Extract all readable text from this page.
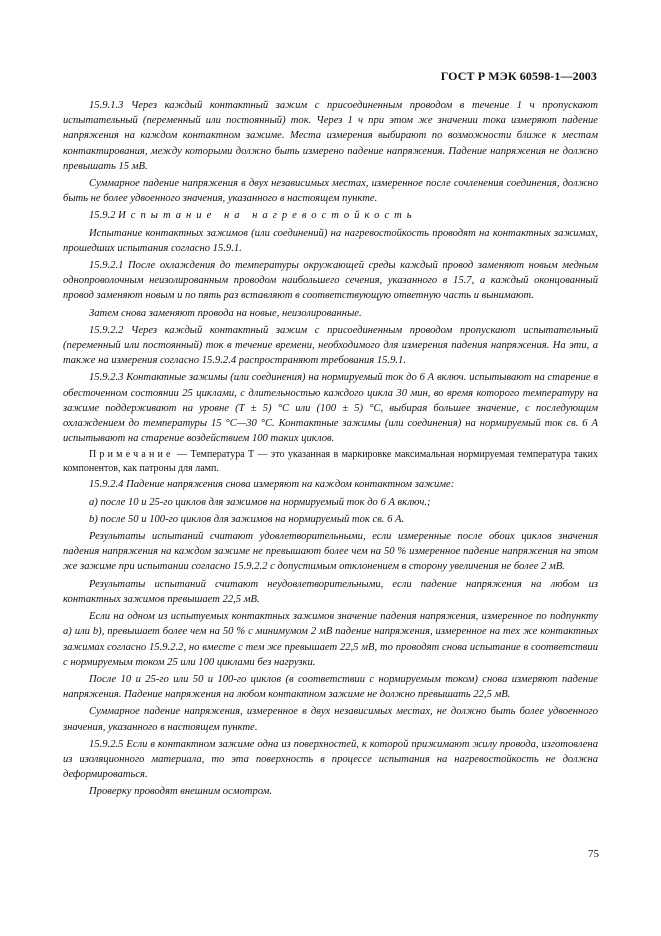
ГОСТ Р МЭК 60598-1—2003

15.9.1.3 Через каждый контактный зажим с присоединенным проводом в течение 1 ч пропускают испытательный (переменный или постоянный) ток. Через 1 ч при этом же значении тока измеряют падение напряжения на каждом контактном зажиме. Места измерения выбирают по возможности ближе к местам контактирования, между которыми должно быть измерено падение напряжения. Падение напряжения не должно превышать 15 мВ.

Суммарное падение напряжения в двух независимых местах, измеренное после сочленения соединения, должно быть не более удвоенного значения, указанного в настоящем пункте.

15.9.2 Испытание на нагревостойкость

Испытание контактных зажимов (или соединений) на нагревостойкость проводят на контактных зажимах, прошедших испытания согласно 15.9.1.

15.9.2.1 После охлаждения до температуры окружающей среды каждый провод заменяют новым медным однопроволочным неизолированным проводом наибольшего сечения, указанного в 15.7, а каждый оконцованный провод заменяют новым и по пять раз вставляют в соответствующую ответную часть и вынимают.

Затем снова заменяют провода на новые, неизолированные.

15.9.2.2 Через каждый контактный зажим с присоединенным проводом пропускают испытательный (переменный или постоянный) ток в течение времени, необходимого для измерения падения напряжения. На эти, а также на измерения согласно 15.9.2.4 распространяют требования 15.9.1.

15.9.2.3 Контактные зажимы (или соединения) на нормируемый ток до 6 А включ. испытывают на старение в обесточенном состоянии 25 циклами, с длительностью каждого цикла 30 мин, во время которого температуру на зажиме поддерживают на уровне (Т ± 5) °С или (100 ± 5) °С, выбирая большее значение, с последующим охлаждением до температуры 15 °С—30 °С. Контактные зажимы (или соединения) на нормируемый ток св. 6 А испытывают на старение воздействием 100 таких циклов.

Примечание — Температура Т — это указанная в маркировке максимальная нормируемая температура таких компонентов, как патроны для ламп.

15.9.2.4 Падение напряжения снова измеряют на каждом контактном зажиме:

a) после 10 и 25-го циклов для зажимов на нормируемый ток до 6 А включ.;

b) после 50 и 100-го циклов для зажимов на нормируемый ток св. 6 А.

Результаты испытаний считают удовлетворительными, если измеренные после обоих циклов значения падения напряжения на каждом зажиме не превышают более чем на 50 % измеренное падение напряжения на этом же зажиме при испытании согласно 15.9.2.2 с допустимым отклонением в сторону увеличения не более 2 мВ.

Результаты испытаний считают неудовлетворительными, если падение напряжения на любом из контактных зажимов превышает 22,5 мВ.

Если на одном из испытуемых контактных зажимов значение падения напряжения, измеренное по подпункту а) или b), превышает более чем на 50 % с минимумом 2 мВ падение напряжения, измеренное на тех же контактных зажимах согласно 15.9.2.2, но вместе с тем же превышает 22,5 мВ, то проводят снова испытание в соответствии с нормируемым током 25 или 100 циклами без нагрузки.

После 10 и 25-го или 50 и 100-го циклов (в соответствии с нормируемым током) снова измеряют падение напряжения. Падение напряжения на любом контактном зажиме не должно превышать 22,5 мВ.

Суммарное падение напряжения, измеренное в двух независимых местах, не должно быть более удвоенного значения, указанного в настоящем пункте.

15.9.2.5 Если в контактном зажиме одна из поверхностей, к которой прижимают жилу провода, изготовлена из изоляционного материала, то эта поверхность в процессе испытания на нагревостойкость не должна деформироваться.

Проверку проводят внешним осмотром.

75
